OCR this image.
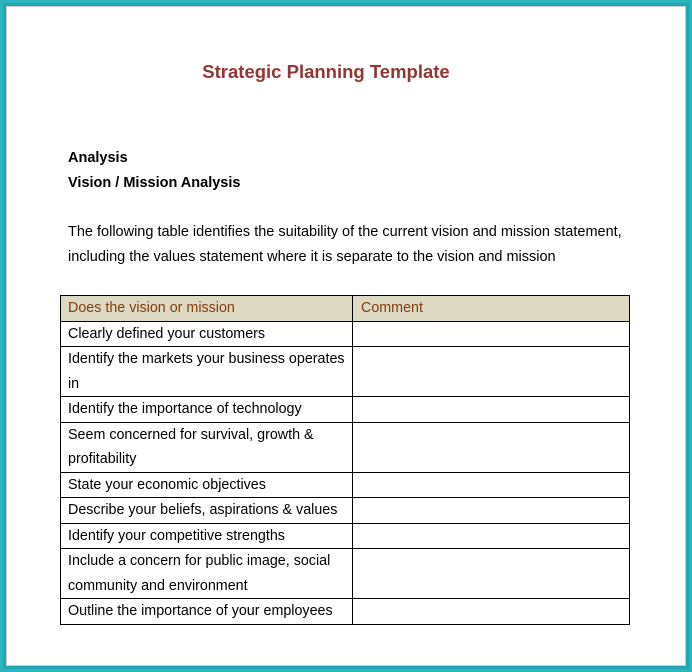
Strategic Planning Template
Analysis
Vision / Mission Analysis

The following table identifies the suitability of the current vision and mission statement,
including the values statement where it is separate to the vision and mission

Does the vision or mission	Comment
Clearly defined your customers	
Identify the markets your business operates in	
Identify the importance of technology	
Seem concerned for survival, growth & profitability	
State your economic objectives	
Describe your beliefs, aspirations & values	
Identify your competitive strengths	
Include a concern for public image, social community and environment	
Outline the importance of your employees	
